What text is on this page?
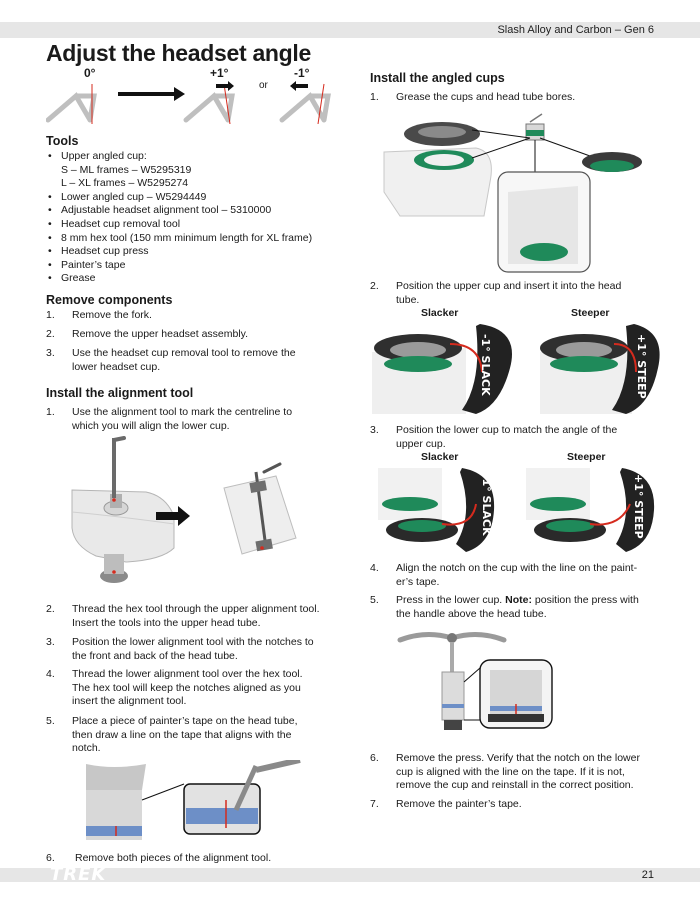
Slash Alloy and Carbon – Gen 6
Adjust the headset angle
0°	+1°
or
-1°
Tools
• Upper angled cup:
S – ML frames – W5295319
L – XL frames – W5295274
• Lower angled cup – W5294449
• Adjustable headset alignment tool – 5310000
• Headset cup removal tool
• 8 mm hex tool (150 mm minimum length for XL frame)
• Headset cup press
• Painter’s tape
• Grease
Remove components
1.	Remove the fork.
2.	Remove the upper headset assembly.
3.	Use the headset cup removal tool to remove the
lower headset cup.
Install the alignment tool
1.	Use the alignment tool to mark the centreline to
which you will align the lower cup.
2.	Thread the hex tool through the upper alignment tool.
Insert the tools into the upper head tube.
3.	Position the lower alignment tool with the notches to
the front and back of the head tube.
4.	Thread the lower alignment tool over the hex tool.
The hex tool will keep the notches aligned as you
insert the alignment tool.
5.	Place a piece of painter’s tape on the head tube,
then draw a line on the tape that aligns with the
notch.
6.	Remove both pieces of the alignment tool.
Install the angled cups
1.	Grease the cups and head tube bores.
2.	Position the upper cup and insert it into the head
tube.
Slacker	Steeper
-1° SLACK	+1° STEEP
3.	Position the lower cup to match the angle of the
upper cup.
Slacker	Steeper
-1° SLACK	+1° STEEP
4.	Align the notch on the cup with the line on the paint-
er’s tape.
5.	Press in the lower cup. Note: position the press with
the handle above the head tube.
6.	Remove the press. Verify that the notch on the lower
cup is aligned with the line on the tape. If it is not,
remove the cup and reinstall in the correct position.
7.	Remove the painter’s tape.
TREK	21
